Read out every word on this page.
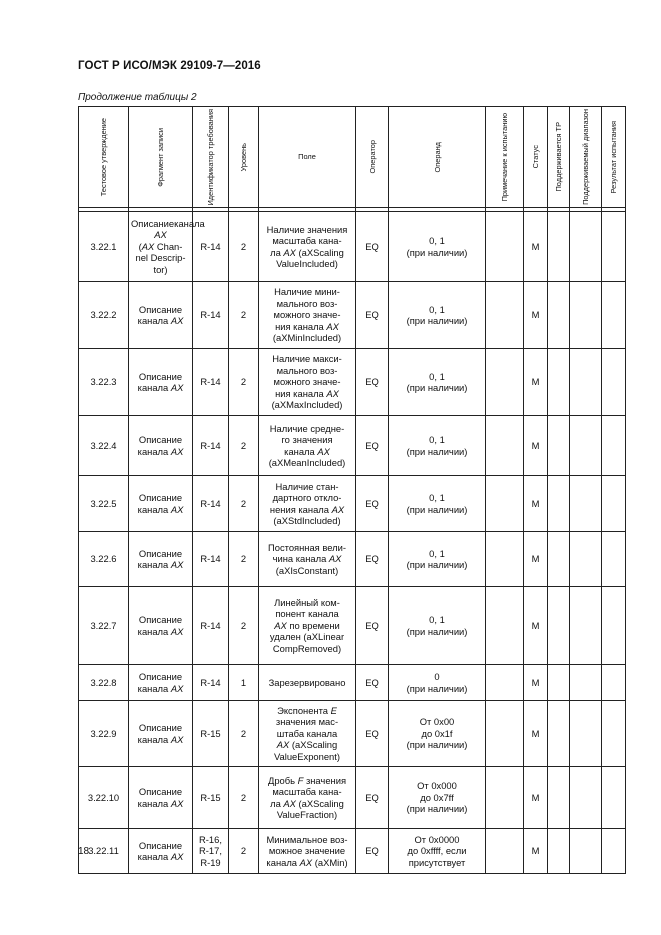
ГОСТ Р ИСО/МЭК 29109-7—2016
Продолжение таблицы 2
Тестовое утверждение	Фрагмент записи	Идентификатор требования	Уровень	Поле	Оператор	Операнд	Примечание к испытанию	Статус	Поддерживается ТР	Поддерживаемый диапазон	Результат испытания

3.22.1	Описаниеканала AX
(AX Chan-
nel Descrip-
tor)	R-14	2	Наличие значения
масштаба кана-
ла AX (aXScaling
ValueIncluded)	EQ	0, 1
(при наличии)		M			
3.22.2	Описание
канала AX	R-14	2	Наличие мини-
мального воз-
можного значе-
ния канала AX
(aXMinIncluded)	EQ	0, 1
(при наличии)		M			
3.22.3	Описание
канала AX	R-14	2	Наличие макси-
мального воз-
можного значе-
ния канала AX
(aXMaxIncluded)	EQ	0, 1
(при наличии)		M			
3.22.4	Описание
канала AX	R-14	2	Наличие средне-
го значения
канала AX
(aXMeanIncluded)	EQ	0, 1
(при наличии)		M			
3.22.5	Описание
канала AX	R-14	2	Наличие стан-
дартного откло-
нения канала AX
(aXStdIncluded)	EQ	0, 1
(при наличии)		M			
3.22.6	Описание
канала AX	R-14	2	Постоянная вели-
чина канала AX
(aXIsConstant)	EQ	0, 1
(при наличии)		M			
3.22.7	Описание
канала AX	R-14	2	Линейный ком-
понент канала
AX по времени
удален (aXLinear
CompRemoved)	EQ	0, 1
(при наличии)		M			
3.22.8	Описание
канала AX	R-14	1	Зарезервировано	EQ	0
(при наличии)		M			
3.22.9	Описание
канала AX	R-15	2	Экспонента E
значения мас-
штаба канала
AX (aXScaling
ValueExponent)	EQ	От 0x00
до 0x1f
(при наличии)		M			
3.22.10	Описание
канала AX	R-15	2	Дробь F значения
масштаба кана-
ла AX (aXScaling
ValueFraction)	EQ	От 0x000
до 0x7ff
(при наличии)		M			
3.22.11	Описание
канала AX	R-16,
R-17,
R-19	2	Минимальное воз-
можное значение
канала AX (aXMin)	EQ	От 0x0000
до 0xffff, если
присутствует		M			
18
